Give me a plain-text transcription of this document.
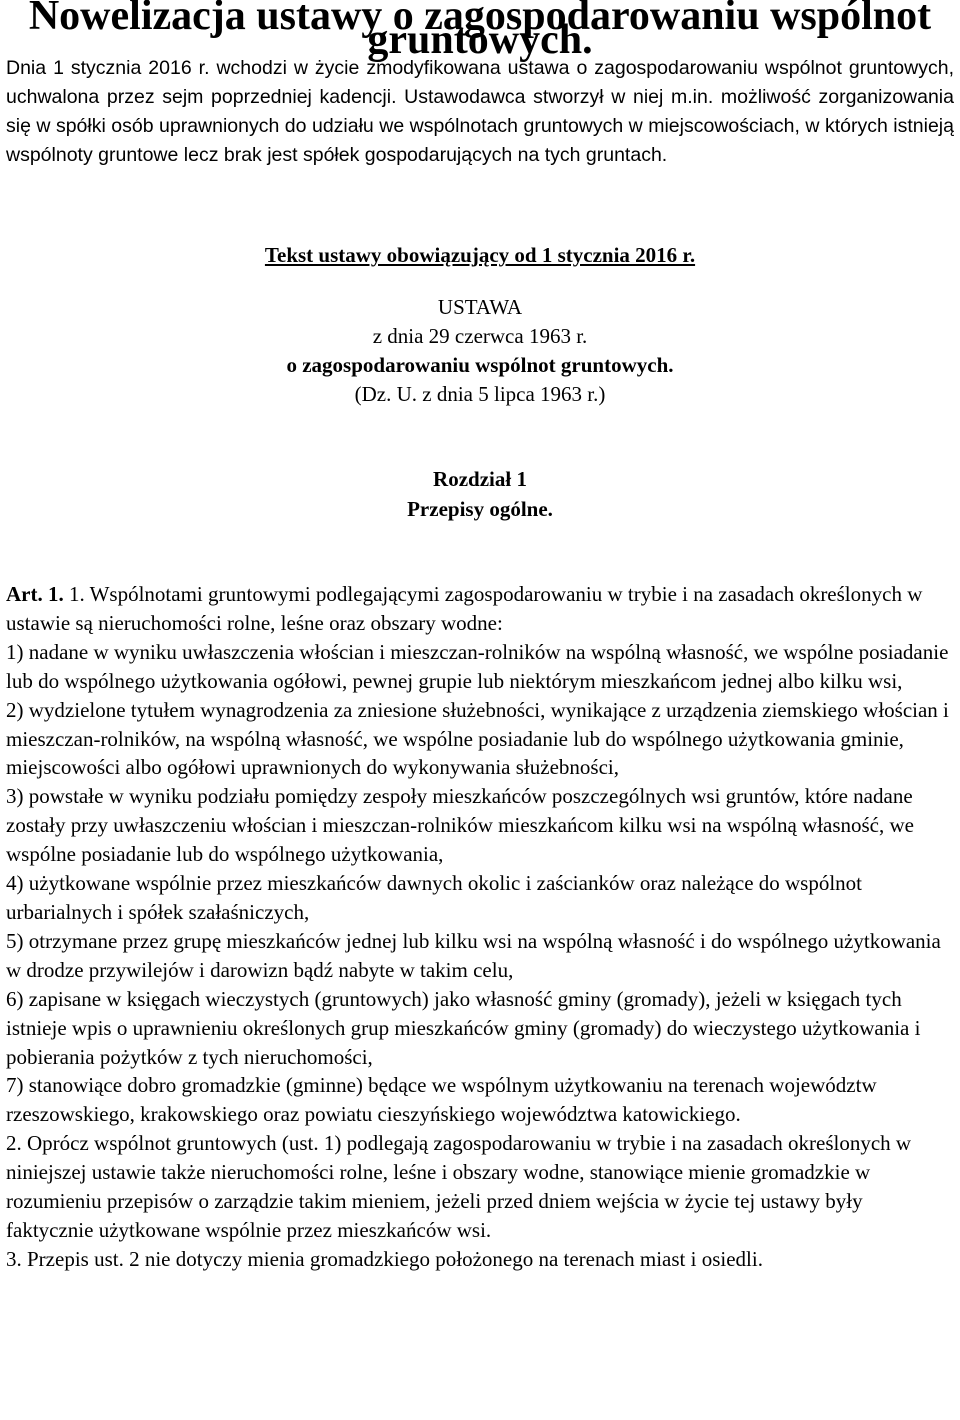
Nowelizacja ustawy o zagospodarowaniu wspólnot gruntowych.

Dnia 1 stycznia 2016 r. wchodzi w życie zmodyfikowana ustawa o zagospodarowaniu wspólnot gruntowych, uchwalona przez sejm poprzedniej kadencji. Ustawodawca stworzył w niej m.in. możliwość zorganizowania się w spółki osób uprawnionych do udziału we wspólnotach gruntowych w miejscowościach, w których istnieją wspólnoty gruntowe lecz brak jest spółek gospodarujących na tych gruntach.

Tekst ustawy obowiązujący od 1 stycznia 2016 r.

USTAWA

z dnia 29 czerwca 1963 r.

o zagospodarowaniu wspólnot gruntowych.

(Dz. U. z dnia 5 lipca 1963 r.)

Rozdział 1

Przepisy ogólne.

Art. 1. 1. Wspólnotami gruntowymi podlegającymi zagospodarowaniu w trybie i na zasadach określonych w ustawie są nieruchomości rolne, leśne oraz obszary wodne:

1) nadane w wyniku uwłaszczenia włościan i mieszczan-rolników na wspólną własność, we wspólne posiadanie lub do wspólnego użytkowania ogółowi, pewnej grupie lub niektórym mieszkańcom jednej albo kilku wsi,

2) wydzielone tytułem wynagrodzenia za zniesione służebności, wynikające z urządzenia ziemskiego włościan i mieszczan-rolników, na wspólną własność, we wspólne posiadanie lub do wspólnego użytkowania gminie, miejscowości albo ogółowi uprawnionych do wykonywania służebności,

3) powstałe w wyniku podziału pomiędzy zespoły mieszkańców poszczególnych wsi gruntów, które nadane zostały przy uwłaszczeniu włościan i mieszczan-rolników mieszkańcom kilku wsi na wspólną własność, we wspólne posiadanie lub do wspólnego użytkowania,

4) użytkowane wspólnie przez mieszkańców dawnych okolic i zaścianków oraz należące do wspólnot urbarialnych i spółek szałaśniczych,

5) otrzymane przez grupę mieszkańców jednej lub kilku wsi na wspólną własność i do wspólnego użytkowania w drodze przywilejów i darowizn bądź nabyte w takim celu,

6) zapisane w księgach wieczystych (gruntowych) jako własność gminy (gromady), jeżeli w księgach tych istnieje wpis o uprawnieniu określonych grup mieszkańców gminy (gromady) do wieczystego użytkowania i pobierania pożytków z tych nieruchomości,

7) stanowiące dobro gromadzkie (gminne) będące we wspólnym użytkowaniu na terenach województw rzeszowskiego, krakowskiego oraz powiatu cieszyńskiego województwa katowickiego.

2. Oprócz wspólnot gruntowych (ust. 1) podlegają zagospodarowaniu w trybie i na zasadach określonych w niniejszej ustawie także nieruchomości rolne, leśne i obszary wodne, stanowiące mienie gromadzkie w rozumieniu przepisów o zarządzie takim mieniem, jeżeli przed dniem wejścia w życie tej ustawy były faktycznie użytkowane wspólnie przez mieszkańców wsi.

3. Przepis ust. 2 nie dotyczy mienia gromadzkiego położonego na terenach miast i osiedli.
